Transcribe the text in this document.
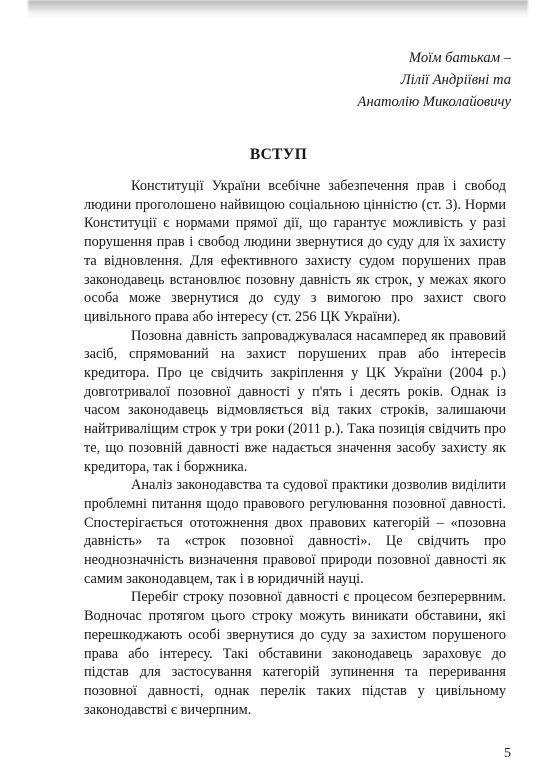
Моїм батькам –
Лілії Андріївні та
Анатолію Миколайовичу
ВСТУП

Конституції України всебічне забезпечення прав і свобод людини проголошено найвищою соціальною цінністю (ст. 3). Норми Конституції є нормами прямої дії, що гарантує можливість у разі порушення прав і свобод людини звернутися до суду для їх захисту та відновлення. Для ефективного захисту судом порушених прав законодавець встановлює позовну давність як строк, у межах якого особа може звернутися до суду з вимогою про захист свого цивільного права або інтересу (ст. 256 ЦК України).

Позовна давність запроваджувалася насамперед як правовий засіб, спрямований на захист порушених прав або інтересів кредитора. Про це свідчить закріплення у ЦК України (2004 р.) довготривалої позовної давності у п'ять і десять років. Однак із часом законодавець відмовляється від таких строків, залишаючи найтриваліщим строк у три роки (2011 р.). Така позиція свідчить про те, що позовній давності вже надається значення засобу захисту як кредитора, так і боржника.

Аналіз законодавства та судової практики дозволив виділити проблемні питання щодо правового регулювання позовної давності. Спостерігається ототожнення двох правових категорій – «позовна давність» та «строк позовної давності». Це свідчить про неоднозначність визначення правової природи позовної давності як самим законодавцем, так і в юридичній науці.

Перебіг строку позовної давності є процесом безперервним. Водночас протягом цього строку можуть виникати обставини, які перешкоджають особі звернутися до суду за захистом порушеного права або інтересу. Такі обставини законодавець зараховує до підстав для застосування категорій зупинення та переривання позовної давності, однак перелік таких підстав у цивільному законодавстві є вичерпним.

5
